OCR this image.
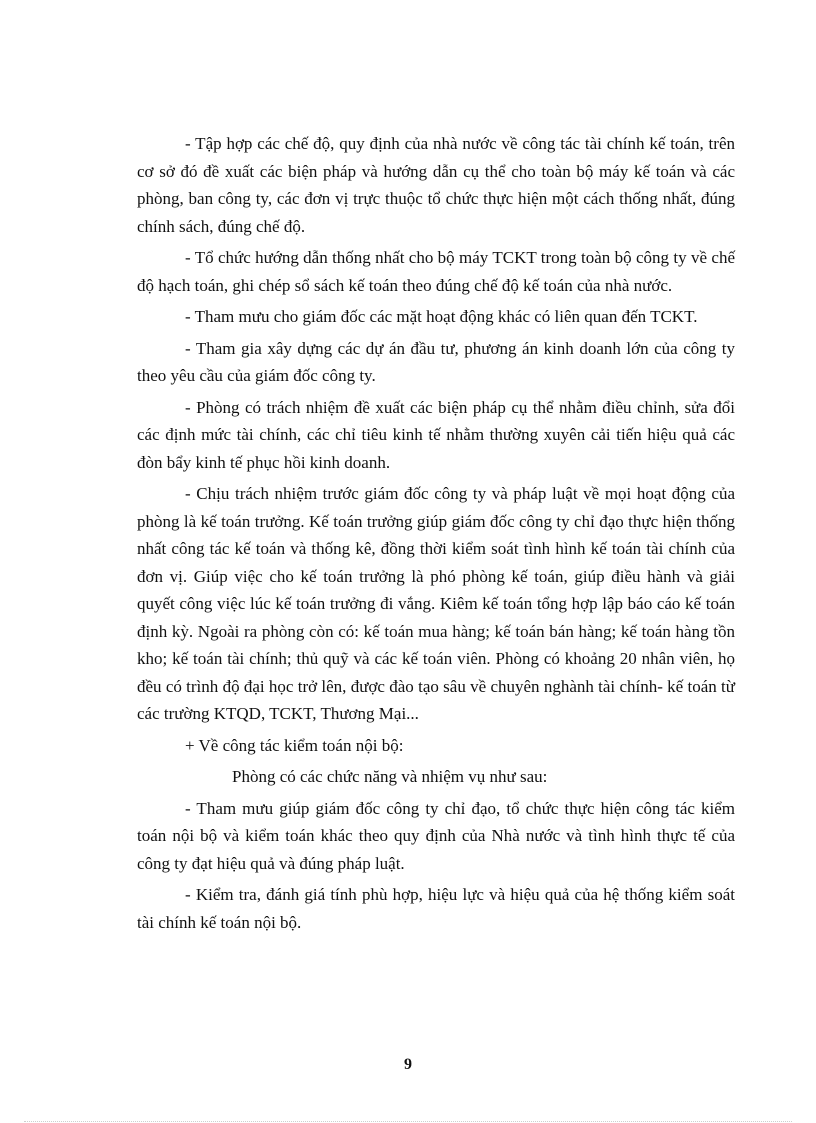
- Tập hợp các chế độ, quy định của nhà nước về công tác tài chính kế toán, trên cơ sở đó đề xuất các biện pháp và hướng dẫn cụ thể cho toàn bộ máy kế toán và các phòng, ban công ty, các đơn vị trực thuộc tổ chức thực hiện một cách thống nhất, đúng chính sách, đúng chế độ.

- Tổ chức hướng dẫn thống nhất cho bộ máy TCKT trong toàn bộ công ty về chế độ hạch toán, ghi chép sổ sách kế toán theo đúng chế độ kế toán của nhà nước.

- Tham mưu cho giám đốc các mặt hoạt động khác có liên quan đến TCKT.

- Tham gia xây dựng các dự án đầu tư, phương án kinh doanh lớn của công ty theo yêu cầu của giám đốc công ty.

- Phòng có trách nhiệm đề xuất các biện pháp cụ thể nhằm điều chỉnh, sửa đổi các định mức tài chính, các chỉ tiêu kinh tế nhằm thường xuyên cải tiến hiệu quả các đòn bẩy kinh tế phục hồi kinh doanh.

- Chịu trách nhiệm trước giám đốc công ty và pháp luật về mọi hoạt động của phòng là kế toán trưởng. Kế toán trưởng giúp giám đốc công ty chỉ đạo thực hiện thống nhất công tác kế toán và thống kê, đồng thời kiểm soát tình hình kế toán tài chính của đơn vị. Giúp việc cho kế toán trưởng là phó phòng kế toán, giúp điều hành và giải quyết công việc lúc kế toán trưởng đi vắng. Kiêm kế toán tổng hợp lập báo cáo kế toán định kỳ. Ngoài ra phòng còn có: kế toán mua hàng; kế toán bán hàng; kế toán hàng tồn kho; kế toán tài chính; thủ quỹ và các kế toán viên. Phòng có khoảng 20 nhân viên, họ đều có trình độ đại học trở lên, được đào tạo sâu về chuyên nghành tài chính- kế toán từ các trường KTQD, TCKT, Thương Mại...

+ Về công tác kiểm toán nội bộ:

Phòng có các chức năng và nhiệm vụ như sau:

- Tham mưu giúp giám đốc công ty chỉ đạo, tổ chức thực hiện công tác kiểm toán nội bộ và kiểm toán khác theo quy định của Nhà nước và tình hình thực tế của công ty đạt hiệu quả và đúng pháp luật.

- Kiểm tra, đánh giá tính phù hợp, hiệu lực và hiệu quả của hệ thống kiểm soát tài chính kế toán nội bộ.

9
